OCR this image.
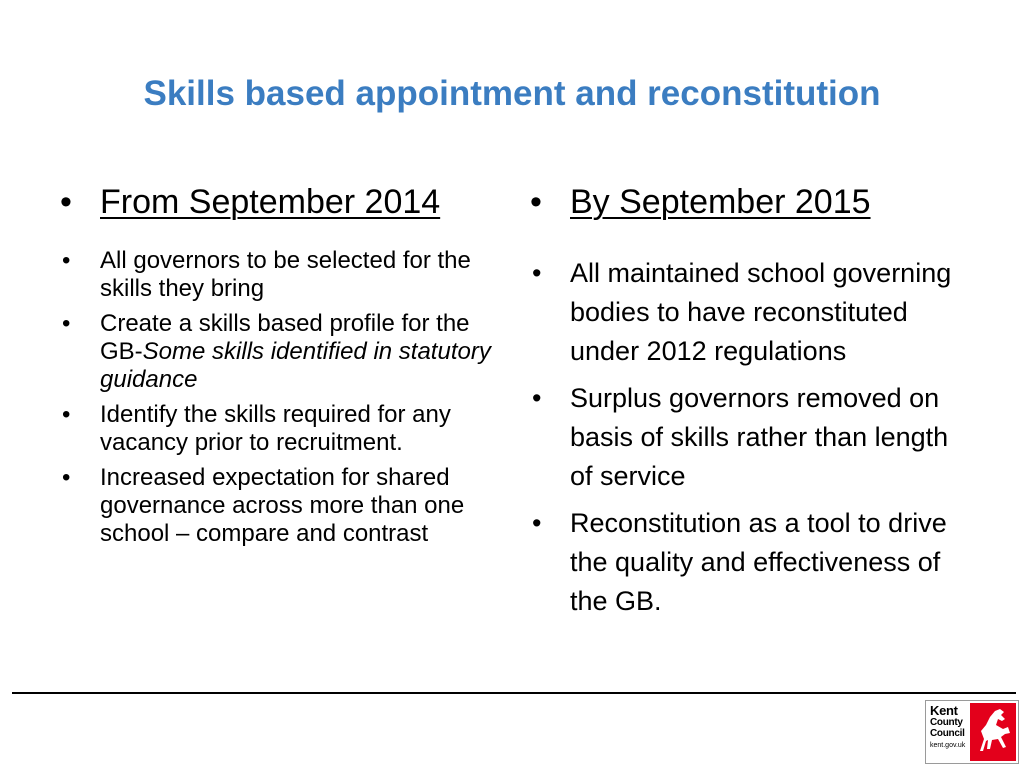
Skills based appointment and reconstitution
• From September 2014
• All governors to be selected for the skills they bring
• Create a skills based profile for the GB-Some skills identified in statutory guidance
• Identify the skills required for any vacancy prior to recruitment.
• Increased expectation for shared governance across more than one school – compare and contrast
• By September 2015
• All maintained school governing bodies to have reconstituted under 2012 regulations
• Surplus governors removed on basis of skills rather than length of service
• Reconstitution as a tool to drive the quality and effectiveness of the GB.
Kent
County
Council
kent.gov.uk
